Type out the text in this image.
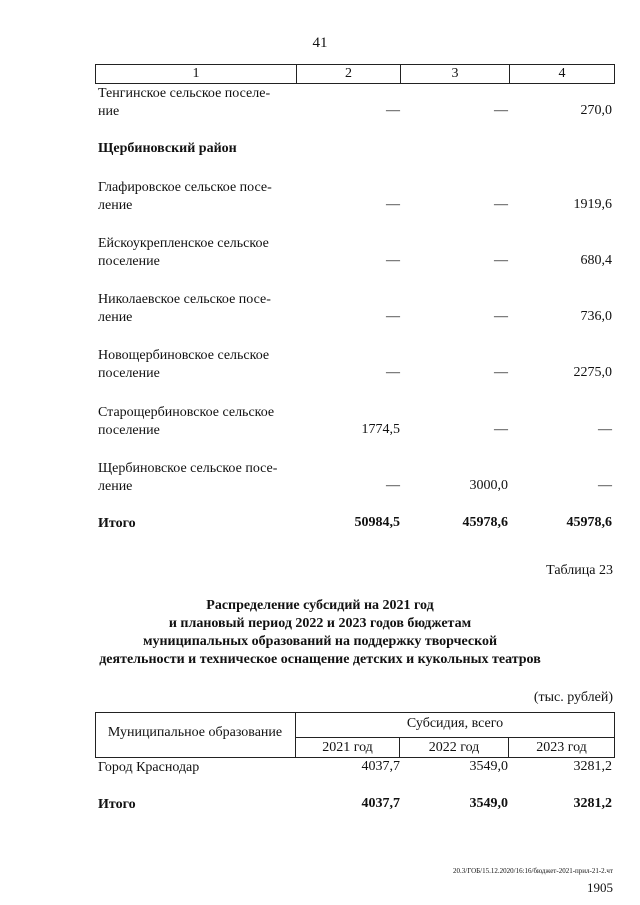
41
1	2	3	4
Тенгинское сельское поселе-
ние	—	—	270,0
Щербиновский район
Глафировское сельское посе-
ление	—	—	1919,6
Ейскоукрепленское сельское
поселение	—	—	680,4
Николаевское сельское посе-
ление	—	—	736,0
Новощербиновское сельское
поселение	—	—	2275,0
Старощербиновское сельское
поселение	1774,5	—	—
Щербиновское сельское посе-
ление	—	3000,0	—
Итого	50984,5	45978,6	45978,6
Таблица 23
Распределение субсидий на 2021 год
и плановый период 2022 и 2023 годов бюджетам
муниципальных образований на поддержку творческой
деятельности и техническое оснащение детских и кукольных театров
(тыс. рублей)
Муниципальное образование
Субсидия, всего
2021 год	2022 год	2023 год
Город Краснодар	4037,7	3549,0	3281,2
Итого	4037,7	3549,0	3281,2
20.3/ГОБ/15.12.2020/16:16/бюджет-2021-прил-21-2.чт
1905
